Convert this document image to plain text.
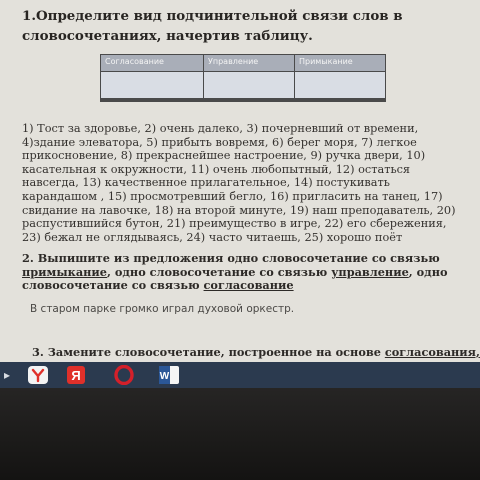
1.Определите вид подчинительной связи слов в словосочетаниях, начертив таблицу.
Согласование	Управление	Примыкание
1) Тост за здоровье, 2) очень далеко, 3) почерневший от времени, 4)здание элеватора, 5) прибыть вовремя, 6) берег моря, 7) легкое прикосновение, 8) прекраснейшее настроение, 9) ручка двери, 10) касательная к окружности, 11) очень любопытный, 12) остаться навсегда, 13) качественное прилагательное, 14) постукивать карандашом , 15) просмотревший бегло, 16) пригласить на танец, 17) свидание на лавочке, 18) на второй минуте, 19) наш преподаватель, 20) распустившийся бутон, 21) преимущество в игре, 22) его сбережения, 23) бежал не оглядываясь, 24) часто читаешь, 25) хорошо поёт
2. Выпишите из предложения одно словосочетание со связью примыкание, одно словосочетание со связью управление, одно словосочетание со связью согласование
В старом парке громко играл духовой оркестр.
3. Замените словосочетание, построенное на основе согласования,
▸	Я	W
